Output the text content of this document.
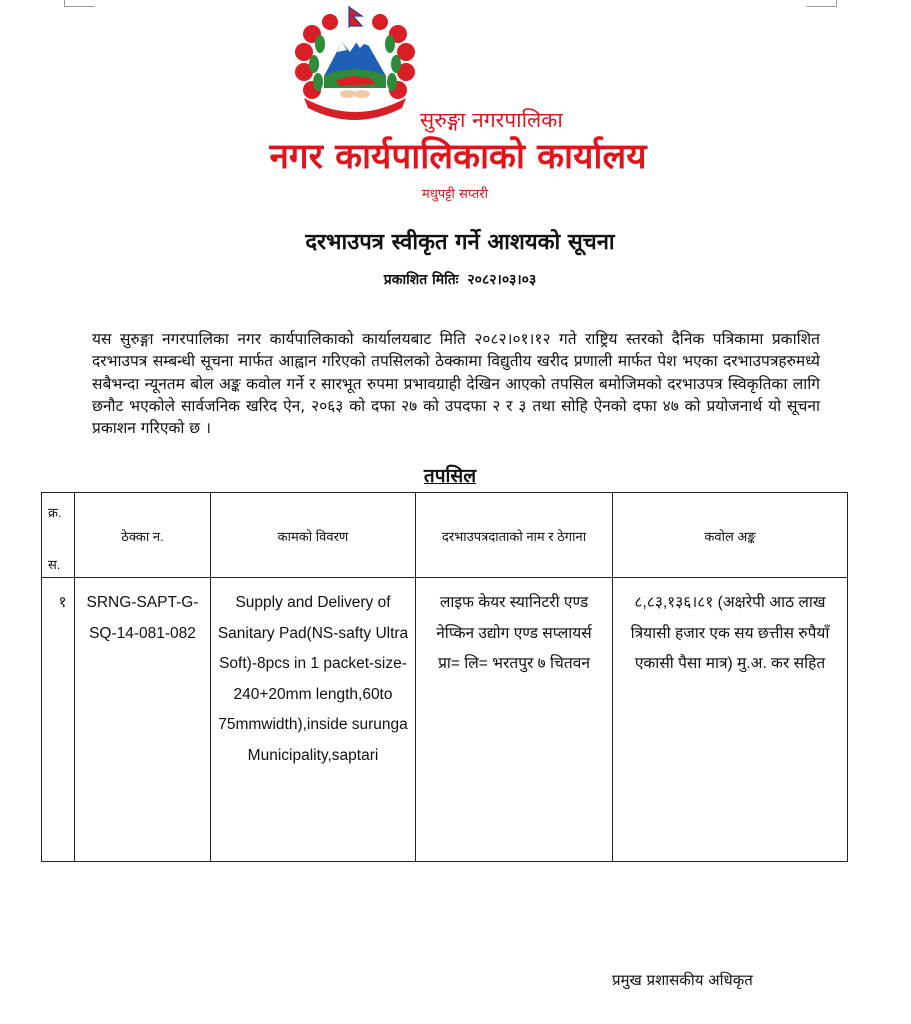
सुरुङ्गा नगरपालिका
नगर कार्यपालिकाको कार्यालय
मधुपट्टी सप्तरी
दरभाउपत्र स्वीकृत गर्ने आशयको सूचना
प्रकाशित मितिः २०८२।०३।०३
यस सुरुङ्गा नगरपालिका नगर कार्यपालिकाको कार्यालयबाट मिति २०८२।०१।१२ गते राष्ट्रिय स्तरको दैनिक पत्रिकामा प्रकाशित दरभाउपत्र सम्बन्धी सूचना मार्फत आह्वान गरिएको तपसिलको ठेक्कामा विद्युतीय खरीद प्रणाली मार्फत पेश भएका दरभाउपत्रहरुमध्ये सबैभन्दा न्यूनतम बोल अङ्क कवोल गर्ने र सारभूत रुपमा प्रभावग्राही देखिन आएको तपसिल बमोजिमको दरभाउपत्र स्विकृतिका लागि छनौट भएकोले सार्वजनिक खरिद ऐन, २०६३ को दफा २७ को उपदफा २ र ३ तथा सोहि ऐनको दफा ४७ को प्रयोजनार्थ यो सूचना प्रकाशन गरिएको छ ।
तपसिल
क्र.
स.	ठेक्का न.	कामको विवरण	दरभाउपत्रदाताको नाम र ठेगाना	कवोल अङ्क

१	SRNG-SAPT-G-SQ-14-081-082	Supply and Delivery of Sanitary Pad(NS-safty Ultra Soft)-8pcs in 1 packet-size-240+20mm length,60to 75mmwidth),inside surunga Municipality,saptari	लाइफ केयर स्यानिटरी एण्ड नेप्किन उद्योग एण्ड सप्लायर्स प्रा= लि= भरतपुर ७ चितवन	८,८३,१३६।८१ (अक्षरेपी आठ लाख त्रियासी हजार एक सय छत्तीस रुपैयाँ एकासी पैसा मात्र) मु.अ. कर सहित
प्रमुख प्रशासकीय अधिकृत
